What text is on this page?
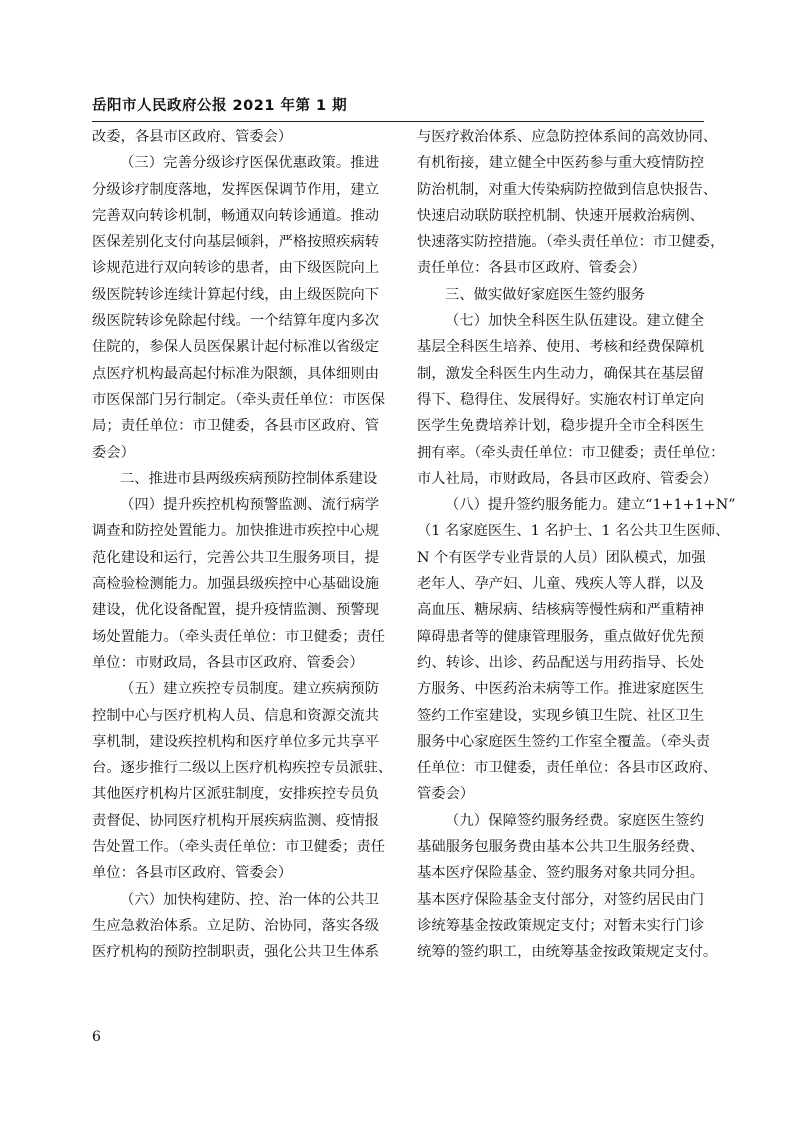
岳阳市人民政府公报 2021 年第 1 期
改委，各县市区政府、管委会）
（三）完善分级诊疗医保优惠政策。推进
分级诊疗制度落地，发挥医保调节作用，建立
完善双向转诊机制，畅通双向转诊通道。推动
医保差别化支付向基层倾斜，严格按照疾病转
诊规范进行双向转诊的患者，由下级医院向上
级医院转诊连续计算起付线，由上级医院向下
级医院转诊免除起付线。一个结算年度内多次
住院的，参保人员医保累计起付标准以省级定
点医疗机构最高起付标准为限额，具体细则由
市医保部门另行制定。（牵头责任单位：市医保
局；责任单位：市卫健委，各县市区政府、管
委会）
二、推进市县两级疾病预防控制体系建设
（四）提升疾控机构预警监测、流行病学
调查和防控处置能力。加快推进市疾控中心规
范化建设和运行，完善公共卫生服务项目，提
高检验检测能力。加强县级疾控中心基础设施
建设，优化设备配置，提升疫情监测、预警现
场处置能力。（牵头责任单位：市卫健委；责任
单位：市财政局，各县市区政府、管委会）
（五）建立疾控专员制度。建立疾病预防
控制中心与医疗机构人员、信息和资源交流共
享机制，建设疾控机构和医疗单位多元共享平
台。逐步推行二级以上医疗机构疾控专员派驻、
其他医疗机构片区派驻制度，安排疾控专员负
责督促、协同医疗机构开展疾病监测、疫情报
告处置工作。（牵头责任单位：市卫健委；责任
单位：各县市区政府、管委会）
（六）加快构建防、控、治一体的公共卫
生应急救治体系。立足防、治协同，落实各级
医疗机构的预防控制职责，强化公共卫生体系
与医疗救治体系、应急防控体系间的高效协同、
有机衔接，建立健全中医药参与重大疫情防控
防治机制，对重大传染病防控做到信息快报告、
快速启动联防联控机制、快速开展救治病例、
快速落实防控措施。（牵头责任单位：市卫健委，
责任单位：各县市区政府、管委会）
三、做实做好家庭医生签约服务
（七）加快全科医生队伍建设。建立健全
基层全科医生培养、使用、考核和经费保障机
制，激发全科医生内生动力，确保其在基层留
得下、稳得住、发展得好。实施农村订单定向
医学生免费培养计划，稳步提升全市全科医生
拥有率。（牵头责任单位：市卫健委；责任单位：
市人社局，市财政局，各县市区政府、管委会）
（八）提升签约服务能力。建立“1+1+1+N”
（1 名家庭医生、1 名护士、1 名公共卫生医师、
N 个有医学专业背景的人员）团队模式，加强
老年人、孕产妇、儿童、残疾人等人群，以及
高血压、糖尿病、结核病等慢性病和严重精神
障碍患者等的健康管理服务，重点做好优先预
约、转诊、出诊、药品配送与用药指导、长处
方服务、中医药治未病等工作。推进家庭医生
签约工作室建设，实现乡镇卫生院、社区卫生
服务中心家庭医生签约工作室全覆盖。（牵头责
任单位：市卫健委，责任单位：各县市区政府、
管委会）
（九）保障签约服务经费。家庭医生签约
基础服务包服务费由基本公共卫生服务经费、
基本医疗保险基金、签约服务对象共同分担。
基本医疗保险基金支付部分，对签约居民由门
诊统筹基金按政策规定支付；对暂未实行门诊
统筹的签约职工，由统筹基金按政策规定支付。
6
